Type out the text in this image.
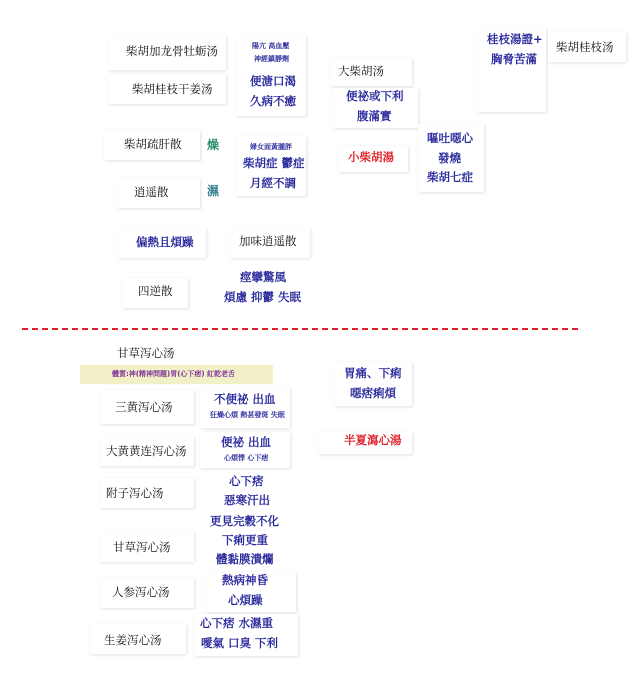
柴胡加龙骨牡蛎汤
柴胡桂枝干姜汤
柴胡疏肝散 燥
逍遥散	濕
偏熱且煩躁	加味逍遥散
四逆散
陽亢 高血壓
神經鎮靜劑
便溏口渴
久病不癒
婦女面黃腫胖
柴胡症 鬱症
月經不調
痙攣驚風
煩慮 抑鬱 失眠
大柴胡汤
便祕或下利
腹滿實
小柴胡湯
嘔吐噁心
發燒
柴胡七症
桂枝湯證+
胸脅苦滿
柴胡桂枝汤
甘草泻心汤
體質:神(精神問題)胃(心下痞) 紅乾老舌
三黄泻心汤
不便祕 出血
狂燥心煩 熱甚發斑 失眠
大黄黄连泻心汤
便祕 出血
心煩悸 心下痞
附子泻心汤
心下痞
惡寒汗出
更見完穀不化
下痢更重
體黏膜潰爛
甘草泻心汤
人参泻心汤
熱病神昏
心煩躁
生姜泻心汤
心下痞 水濕重
噯氣 口臭 下利
胃痛、下痢
噁痞痢煩
半夏瀉心湯
